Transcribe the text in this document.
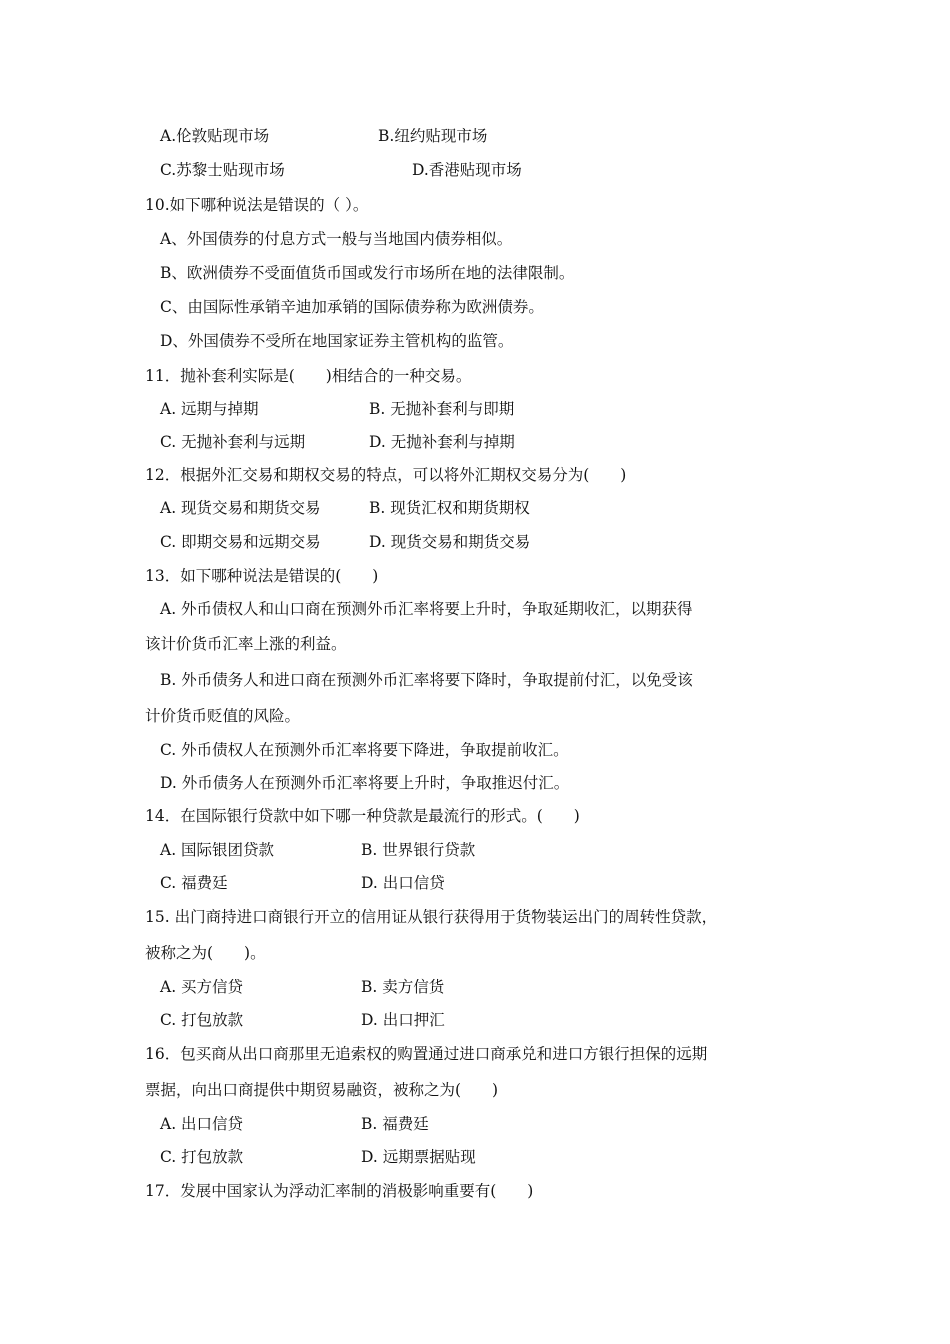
A.伦敦贴现市场	B.纽约贴现市场
C.苏黎士贴现市场	D.香港贴现市场
10.如下哪种说法是错误的（ ）。
A、外国债券的付息方式一般与当地国内债券相似。
B、欧洲债券不受面值货币国或发行市场所在地的法律限制。
C、由国际性承销辛迪加承销的国际债券称为欧洲债券。
D、外国债券不受所在地国家证券主管机构的监管。
11．抛补套利实际是(　　)相结合的一种交易。
A. 远期与掉期	B. 无抛补套利与即期
C. 无抛补套利与远期	D. 无抛补套利与掉期
12．根据外汇交易和期权交易的特点，可以将外汇期权交易分为(　　)
A. 现货交易和期货交易	B. 现货汇权和期货期权
C. 即期交易和远期交易	D. 现货交易和期货交易
13．如下哪种说法是错误的(　　)
A. 外币债权人和山口商在预测外币汇率将要上升时，争取延期收汇，以期获得
该计价货币汇率上涨的利益。
B. 外币债务人和进口商在预测外币汇率将要下降时，争取提前付汇，以免受该
计价货币贬值的风险。
C. 外币债权人在预测外币汇率将要下降进，争取提前收汇。
D. 外币债务人在预测外币汇率将要上升时，争取推迟付汇。
14．在国际银行贷款中如下哪一种贷款是最流行的形式。(　　)
A. 国际银团贷款	B. 世界银行贷款
C. 福费廷	D. 出口信贷
15. 出门商持进口商银行开立的信用证从银行获得用于货物装运出门的周转性贷款，
被称之为(　　)。
A. 买方信贷	B. 卖方信货
C. 打包放款	D. 出口押汇
16．包买商从出口商那里无追索权的购置通过进口商承兑和进口方银行担保的远期
票据，向出口商提供中期贸易融资，被称之为(　　)
A. 出口信贷	B. 福费廷
C. 打包放款	D. 远期票据贴现
17．发展中国家认为浮动汇率制的消极影响重要有(　　)
